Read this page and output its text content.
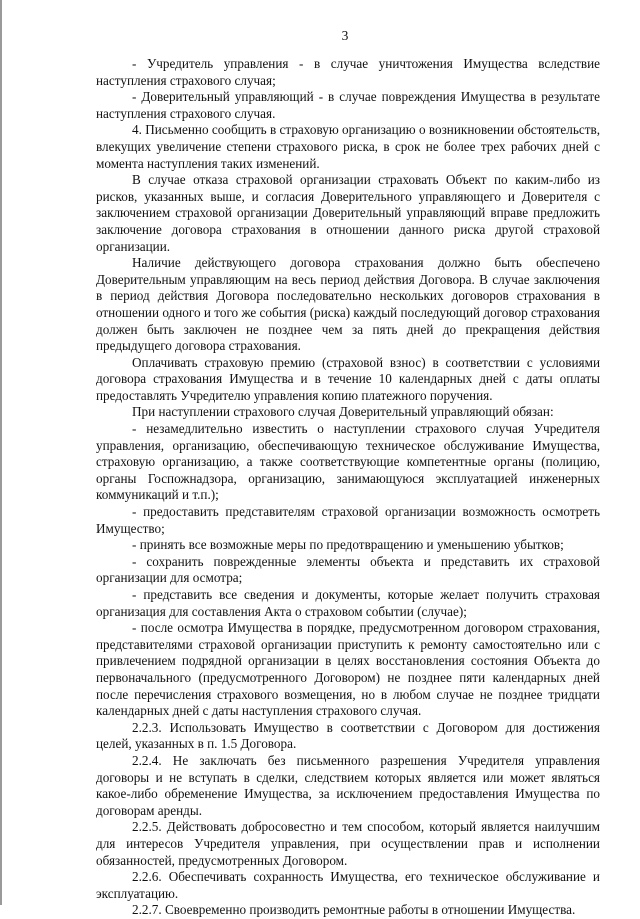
3

- Учредитель управления - в случае уничтожения Имущества вследствие наступления страхового случая;

- Доверительный управляющий - в случае повреждения Имущества в результате наступления страхового случая.

4. Письменно сообщить в страховую организацию о возникновении обстоятельств, влекущих увеличение степени страхового риска, в срок не более трех рабочих дней с момента наступления таких изменений.

В случае отказа страховой организации страховать Объект по каким-либо из рисков, указанных выше, и согласия Доверительного управляющего и Доверителя с заключением страховой организации Доверительный управляющий вправе предложить заключение договора страхования в отношении данного риска другой страховой организации.

Наличие действующего договора страхования должно быть обеспечено Доверительным управляющим на весь период действия Договора. В случае заключения в период действия Договора последовательно нескольких договоров страхования в отношении одного и того же события (риска) каждый последующий договор страхования должен быть заключен не позднее чем за пять дней до прекращения действия предыдущего договора страхования.

Оплачивать страховую премию (страховой взнос) в соответствии с условиями договора страхования Имущества и в течение 10 календарных дней с даты оплаты предоставлять Учредителю управления копию платежного поручения.

При наступлении страхового случая Доверительный управляющий обязан:

- незамедлительно известить о наступлении страхового случая Учредителя управления, организацию, обеспечивающую техническое обслуживание Имущества, страховую организацию, а также соответствующие компетентные органы (полицию, органы Госпожнадзора, организацию, занимающуюся эксплуатацией инженерных коммуникаций и т.п.);

- предоставить представителям страховой организации возможность осмотреть Имущество;

- принять все возможные меры по предотвращению и уменьшению убытков;

- сохранить поврежденные элементы объекта и представить их страховой организации для осмотра;

- представить все сведения и документы, которые желает получить страховая организация для составления Акта о страховом событии (случае);

- после осмотра Имущества в порядке, предусмотренном договором страхования, представителями страховой организации приступить к ремонту самостоятельно или с привлечением подрядной организации в целях восстановления состояния Объекта до первоначального (предусмотренного Договором) не позднее пяти календарных дней после перечисления страхового возмещения, но в любом случае не позднее тридцати календарных дней с даты наступления страхового случая.

2.2.3. Использовать Имущество в соответствии с Договором для достижения целей, указанных в п. 1.5 Договора.

2.2.4. Не заключать без письменного разрешения Учредителя управления договоры и не вступать в сделки, следствием которых является или может являться какое-либо обременение Имущества, за исключением предоставления Имущества по договорам аренды.

2.2.5. Действовать добросовестно и тем способом, который является наилучшим для интересов Учредителя управления, при осуществлении прав и исполнении обязанностей, предусмотренных Договором.

2.2.6. Обеспечивать сохранность Имущества, его техническое обслуживание и эксплуатацию.

2.2.7. Своевременно производить ремонтные работы в отношении Имущества.
